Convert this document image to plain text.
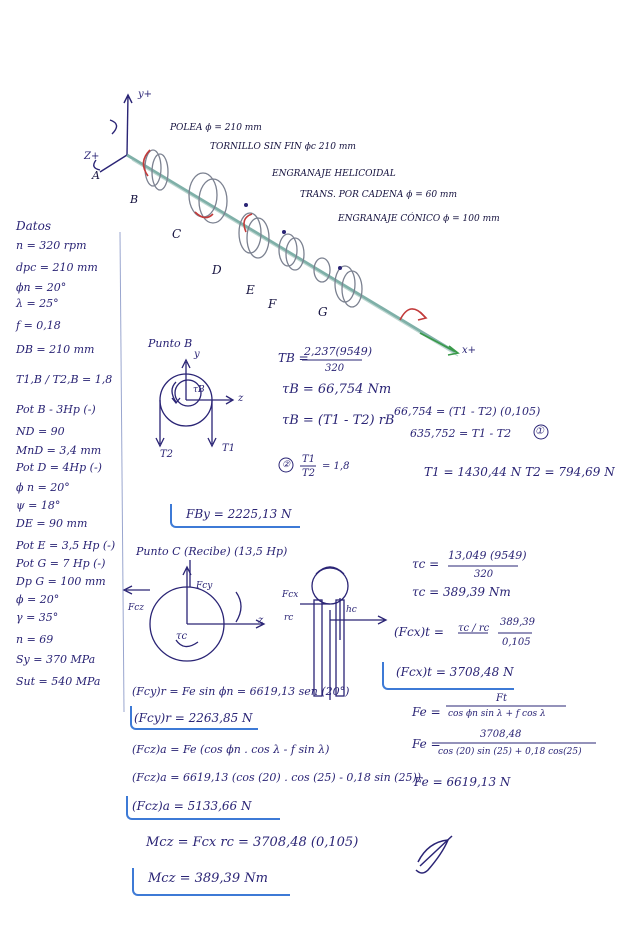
y+
Z+
x+
A
B
C
D
E
F
G
POLEA ϕ = 210 mm
TORNILLO SIN FIN ϕc 210 mm
ENGRANAJE HELICOIDAL
TRANS. POR CADENA ϕ = 60 mm
ENGRANAJE CÓNICO ϕ = 100 mm
Datos
n = 320 rpm
dpc = 210 mm
ϕn = 20°
λ = 25°
f = 0,18
DB = 210 mm
T1,B / T2,B = 1,8
Pot B - 3Hp (-)
ND = 90
MnD = 3,4 mm
Pot D = 4Hp (-)
ϕ n = 20°
ψ = 18°
DE = 90 mm
Pot E = 3,5 Hp (-)
Pot G = 7 Hp (-)
Dp G = 100 mm
ϕ = 20°
γ = 35°
n = 69
Sy = 370 MPa
Sut = 540 MPa
Punto B
y
z
τB
T2
T1
TB =
2,237(9549)
320
τB = 66,754 Nm
τB = (T1 - T2) rB
66,754 = (T1 - T2) (0,105)
635,752 = T1 - T2 ①
② T1
T2
= 1,8	T1 = 1430,44 N T2 = 794,69 N
FBy = 2225,13 N
Punto C (Recibe) (13,5 Hp)
Fcy
Fcz
τc
z
Fcx
rc
hc
τc =
13,049 (9549)
320
τc = 389,39 Nm
(Fcx)t = τc / rc
389,39
0,105
(Fcx)t = 3708,48 N
Fe =
Ft
cos ϕn sin λ + f cos λ
Fe =
3708,48
cos (20) sin (25) + 0,18 cos(25)
Fe = 6619,13 N
(Fcy)r = Fe sin ϕn = 6619,13 sen (20°)
(Fcy)r = 2263,85 N
(Fcz)a = Fe (cos ϕn . cos λ - f sin λ)
(Fcz)a = 6619,13 (cos (20) . cos (25) - 0,18 sin (25))
(Fcz)a = 5133,66 N
Mcz = Fcx rc = 3708,48 (0,105)
Mcz = 389,39 Nm
